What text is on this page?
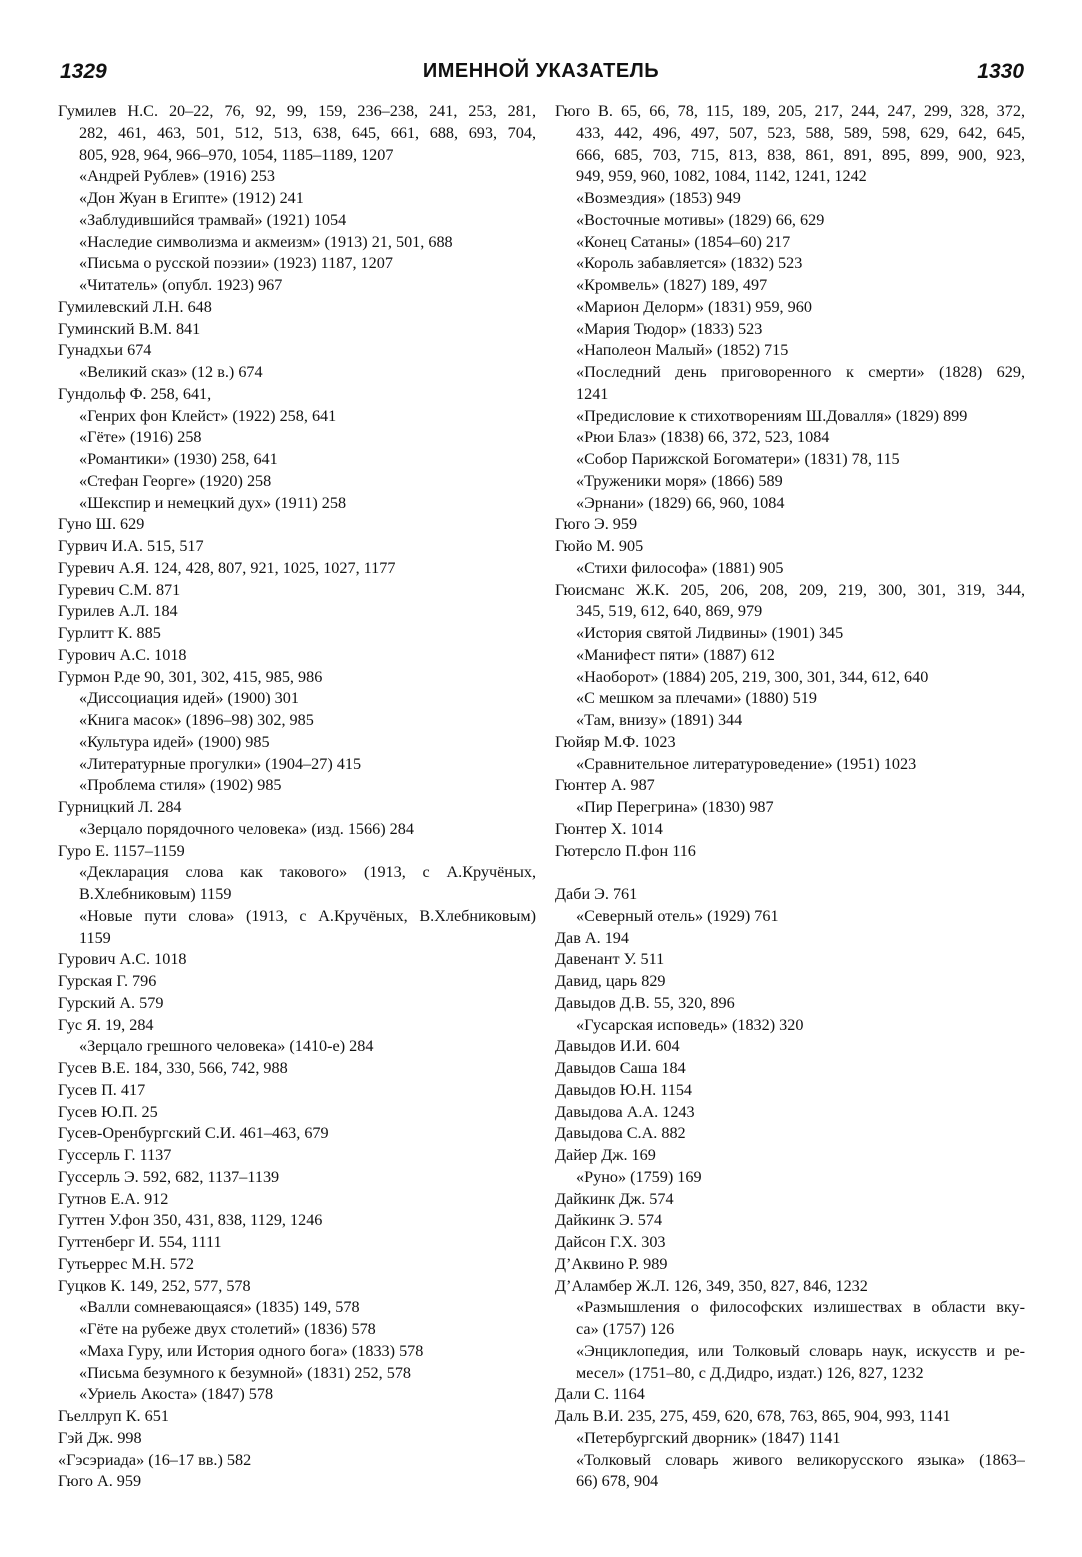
1329	ИМЕННОЙ УКАЗАТЕЛЬ	1330
Гумилев Н.С. 20–22, 76, 92, 99, 159, 236–238, 241, 253, 281,
282, 461, 463, 501, 512, 513, 638, 645, 661, 688, 693, 704,
805, 928, 964, 966–970, 1054, 1185–1189, 1207
«Андрей Рублев» (1916) 253
«Дон Жуан в Египте» (1912) 241
«Заблудившийся трамвай» (1921) 1054
«Наследие символизма и акмеизм» (1913) 21, 501, 688
«Письма о русской поэзии» (1923) 1187, 1207
«Читатель» (опубл. 1923) 967
Гумилевский Л.Н. 648
Гуминский В.М. 841
Гунадхьи 674
«Великий сказ» (12 в.) 674
Гундольф Ф. 258, 641,
«Генрих фон Клейст» (1922) 258, 641
«Гёте» (1916) 258
«Романтики» (1930) 258, 641
«Стефан Георге» (1920) 258
«Шекспир и немецкий дух» (1911) 258
Гуно Ш. 629
Гурвич И.А. 515, 517
Гуревич А.Я. 124, 428, 807, 921, 1025, 1027, 1177
Гуревич С.М. 871
Гурилев А.Л. 184
Гурлитт К. 885
Гурович А.С. 1018
Гурмон Р.де 90, 301, 302, 415, 985, 986
«Диссоциация идей» (1900) 301
«Книга масок» (1896–98) 302, 985
«Культура идей» (1900) 985
«Литературные прогулки» (1904–27) 415
«Проблема стиля» (1902) 985
Гурницкий Л. 284
«Зерцало порядочного человека» (изд. 1566) 284
Гуро Е. 1157–1159
«Декларация слова как такового» (1913, с А.Кручёных,
В.Хлебниковым) 1159
«Новые пути слова» (1913, с А.Кручёных, В.Хлебниковым)
1159
Гурович А.С. 1018
Гурская Г. 796
Гурский А. 579
Гус Я. 19, 284
«Зерцало грешного человека» (1410-е) 284
Гусев В.Е. 184, 330, 566, 742, 988
Гусев П. 417
Гусев Ю.П. 25
Гусев-Оренбургский С.И. 461–463, 679
Гуссерль Г. 1137
Гуссерль Э. 592, 682, 1137–1139
Гутнов Е.А. 912
Гуттен У.фон 350, 431, 838, 1129, 1246
Гуттенберг И. 554, 1111
Гутьеррес М.Н. 572
Гуцков К. 149, 252, 577, 578
«Валли сомневающаяся» (1835) 149, 578
«Гёте на рубеже двух столетий» (1836) 578
«Маха Гуру, или История одного бога» (1833) 578
«Письма безумного к безумной» (1831) 252, 578
«Уриель Акоста» (1847) 578
Гьеллруп К. 651
Гэй Дж. 998
«Гэсэриада» (16–17 вв.) 582
Гюго А. 959
Гюго В. 65, 66, 78, 115, 189, 205, 217, 244, 247, 299, 328, 372,
433, 442, 496, 497, 507, 523, 588, 589, 598, 629, 642, 645,
666, 685, 703, 715, 813, 838, 861, 891, 895, 899, 900, 923,
949, 959, 960, 1082, 1084, 1142, 1241, 1242
«Возмездия» (1853) 949
«Восточные мотивы» (1829) 66, 629
«Конец Сатаны» (1854–60) 217
«Король забавляется» (1832) 523
«Кромвель» (1827) 189, 497
«Марион Делорм» (1831) 959, 960
«Мария Тюдор» (1833) 523
«Наполеон Малый» (1852) 715
«Последний день приговоренного к смерти» (1828) 629,
1241
«Предисловие к стихотворениям Ш.Довалля» (1829) 899
«Рюи Блаз» (1838) 66, 372, 523, 1084
«Собор Парижской Богоматери» (1831) 78, 115
«Труженики моря» (1866) 589
«Эрнани» (1829) 66, 960, 1084
Гюго Э. 959
Гюйо М. 905
«Стихи философа» (1881) 905
Гюисманс Ж.К. 205, 206, 208, 209, 219, 300, 301, 319, 344,
345, 519, 612, 640, 869, 979
«История святой Лидвины» (1901) 345
«Манифест пяти» (1887) 612
«Наоборот» (1884) 205, 219, 300, 301, 344, 612, 640
«С мешком за плечами» (1880) 519
«Там, внизу» (1891) 344
Гюйяр М.Ф. 1023
«Сравнительное литературоведение» (1951) 1023
Гюнтер А. 987
«Пир Перегрина» (1830) 987
Гюнтер Х. 1014
Гютерсло П.фон 116
Даби Э. 761
«Северный отель» (1929) 761
Дав А. 194
Давенант У. 511
Давид, царь 829
Давыдов Д.В. 55, 320, 896
«Гусарская исповедь» (1832) 320
Давыдов И.И. 604
Давыдов Саша 184
Давыдов Ю.Н. 1154
Давыдова А.А. 1243
Давыдова С.А. 882
Дайер Дж. 169
«Руно» (1759) 169
Дайкинк Дж. 574
Дайкинк Э. 574
Дайсон Г.Х. 303
Д’Аквино Р. 989
Д’Аламбер Ж.Л. 126, 349, 350, 827, 846, 1232
«Размышления о философских излишествах в области вку-
са» (1757) 126
«Энциклопедия, или Толковый словарь наук, искусств и ре-
месел» (1751–80, с Д.Дидро, издат.) 126, 827, 1232
Дали С. 1164
Даль В.И. 235, 275, 459, 620, 678, 763, 865, 904, 993, 1141
«Петербургский дворник» (1847) 1141
«Толковый словарь живого великорусского языка» (1863–
66) 678, 904
